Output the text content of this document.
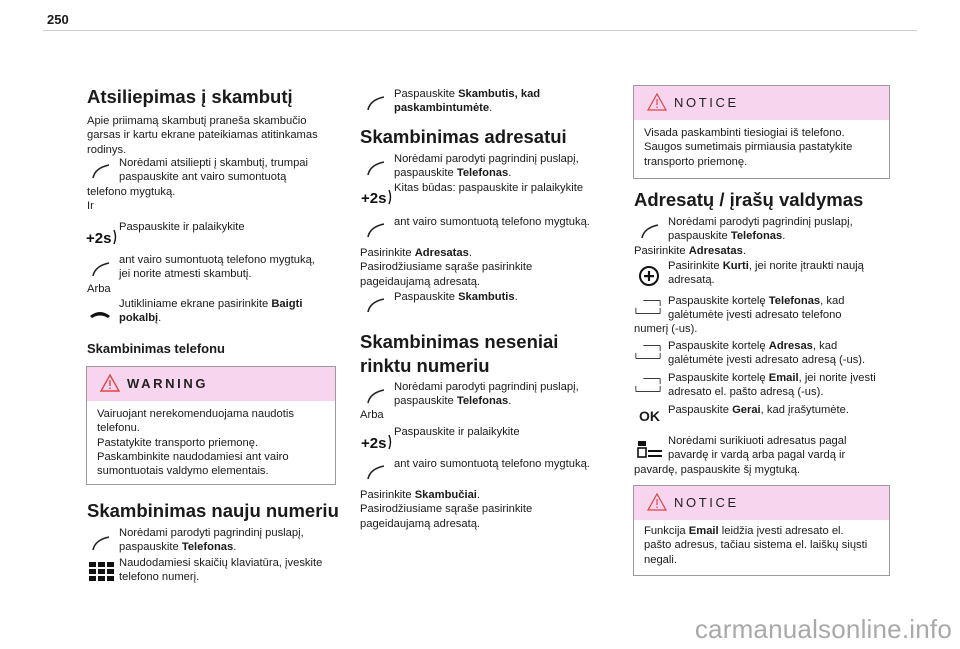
250
Atsiliepimas į skambutį
Apie priimamą skambutį praneša skambučio
garsas ir kartu ekrane pateikiamas atitinkamas
rodinys.
Norėdami atsiliepti į skambutį, trumpai
paspauskite ant vairo sumontuotą
telefono mygtuką.
Ir
+2s
Paspauskite ir palaikykite
ant vairo sumontuotą telefono mygtuką,
jei norite atmesti skambutį.
Arba
Jutikliniame ekrane pasirinkite Baigti
pokalbį.
Skambinimas telefonu
WARNING
Vairuojant nerekomenduojama naudotis
telefonu.
Pastatykite transporto priemonę.
Paskambinkite naudodamiesi ant vairo
sumontuotais valdymo elementais.
Skambinimas nauju numeriu
Norėdami parodyti pagrindinį puslapį,
paspauskite Telefonas.
Naudodamiesi skaičių klaviatūra, įveskite
telefono numerį.
Paspauskite Skambutis, kad
paskambintumėte.
Skambinimas adresatui
Norėdami parodyti pagrindinį puslapį,
paspauskite Telefonas.
+2s
Kitas būdas: paspauskite ir palaikykite
ant vairo sumontuotą telefono mygtuką.
Pasirinkite Adresatas.
Pasirodžiusiame sąraše pasirinkite
pageidaujamą adresatą.
Paspauskite Skambutis.
Skambinimas neseniai
rinktu numeriu
Norėdami parodyti pagrindinį puslapį,
paspauskite Telefonas.
Arba
+2s
Paspauskite ir palaikykite
ant vairo sumontuotą telefono mygtuką.
Pasirinkite Skambučiai.
Pasirodžiusiame sąraše pasirinkite
pageidaujamą adresatą.
NOTICE
Visada paskambinti tiesiogiai iš telefono.
Saugos sumetimais pirmiausia pastatykite
transporto priemonę.
Adresatų / įrašų valdymas
Norėdami parodyti pagrindinį puslapį,
paspauskite Telefonas.
Pasirinkite Adresatas.
Pasirinkite Kurti, jei norite įtraukti naują
adresatą.
Paspauskite kortelę Telefonas, kad
galėtumėte įvesti adresato telefono
numerį (-us).
Paspauskite kortelę Adresas, kad
galėtumėte įvesti adresato adresą (-us).
Paspauskite kortelę Email, jei norite įvesti
adresato el. pašto adresą (-us).
OK Paspauskite Gerai, kad įrašytumėte.
Norėdami surikiuoti adresatus pagal
pavardę ir vardą arba pagal vardą ir
pavardę, paspauskite šį mygtuką.
NOTICE
Funkcija Email leidžia įvesti adresato el.
pašto adresus, tačiau sistema el. laiškų siųsti
negali.
carmanualsonline.info
